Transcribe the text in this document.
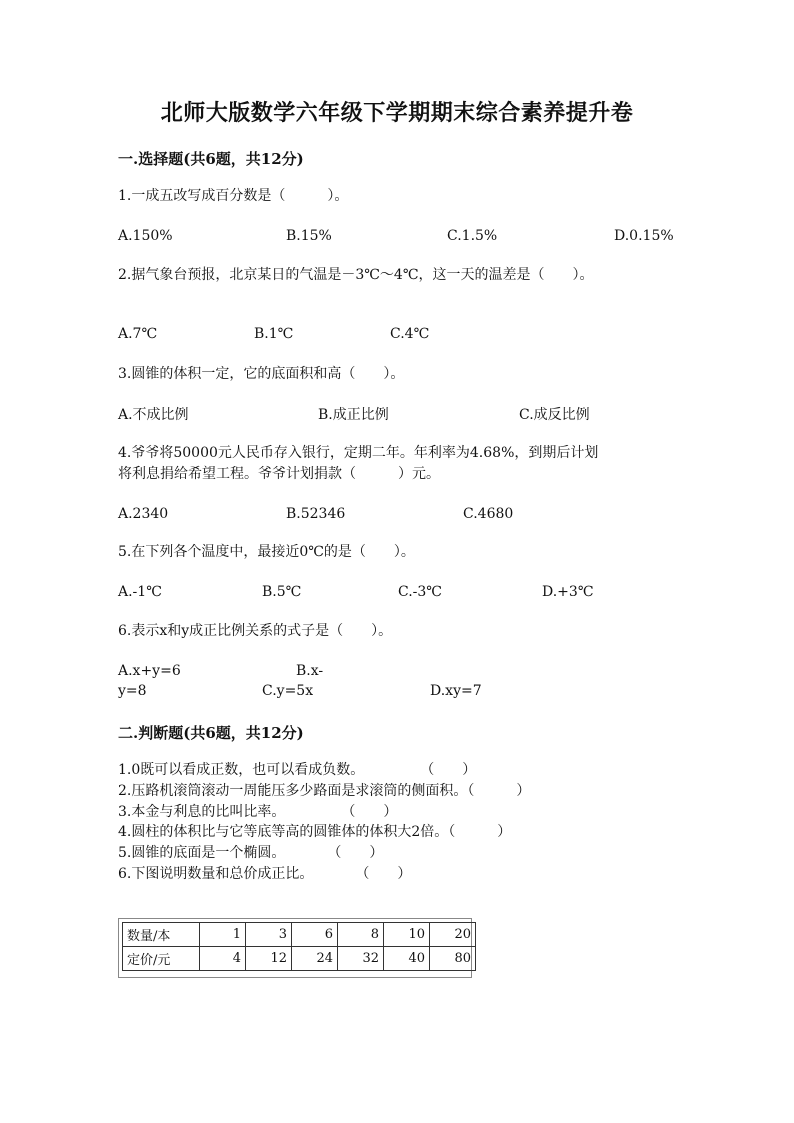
北师大版数学六年级下学期期末综合素养提升卷
一.选择题(共6题，共12分)
1.一成五改写成百分数是（　　　）。
A.150%	B.15%	C.1.5%	D.0.15%
2.据气象台预报，北京某日的气温是－3℃～4℃，这一天的温差是（　　）。
A.7℃	B.1℃	C.4℃
3.圆锥的体积一定，它的底面积和高（　　）。
A.不成比例	B.成正比例	C.成反比例
4.爷爷将50000元人民币存入银行，定期二年。年利率为4.68%，到期后计划
将利息捐给希望工程。爷爷计划捐款（　　　）元。
A.2340	B.52346	C.4680
5.在下列各个温度中，最接近0℃的是（　　）。
A.-1℃	B.5℃	C.-3℃	D.+3℃
6.表示x和y成正比例关系的式子是（　　）。
A.x+y=6	B.x-
y=8	C.y=5x	D.xy=7
二.判断题(共6题，共12分)
1.0既可以看成正数，也可以看成负数。　　　　　（　　）
2.压路机滚筒滚动一周能压多少路面是求滚筒的侧面积。（　　　）
3.本金与利息的比叫比率。　　　　　（　　）
4.圆柱的体积比与它等底等高的圆锥体的体积大2倍。（　　　）
5.圆锥的底面是一个椭圆。　　　　（　　）
6.下图说明数量和总价成正比。　　　　（　　）
数量/本	1	3	6	8	10	20
定价/元	4	12	24	32	40	80
